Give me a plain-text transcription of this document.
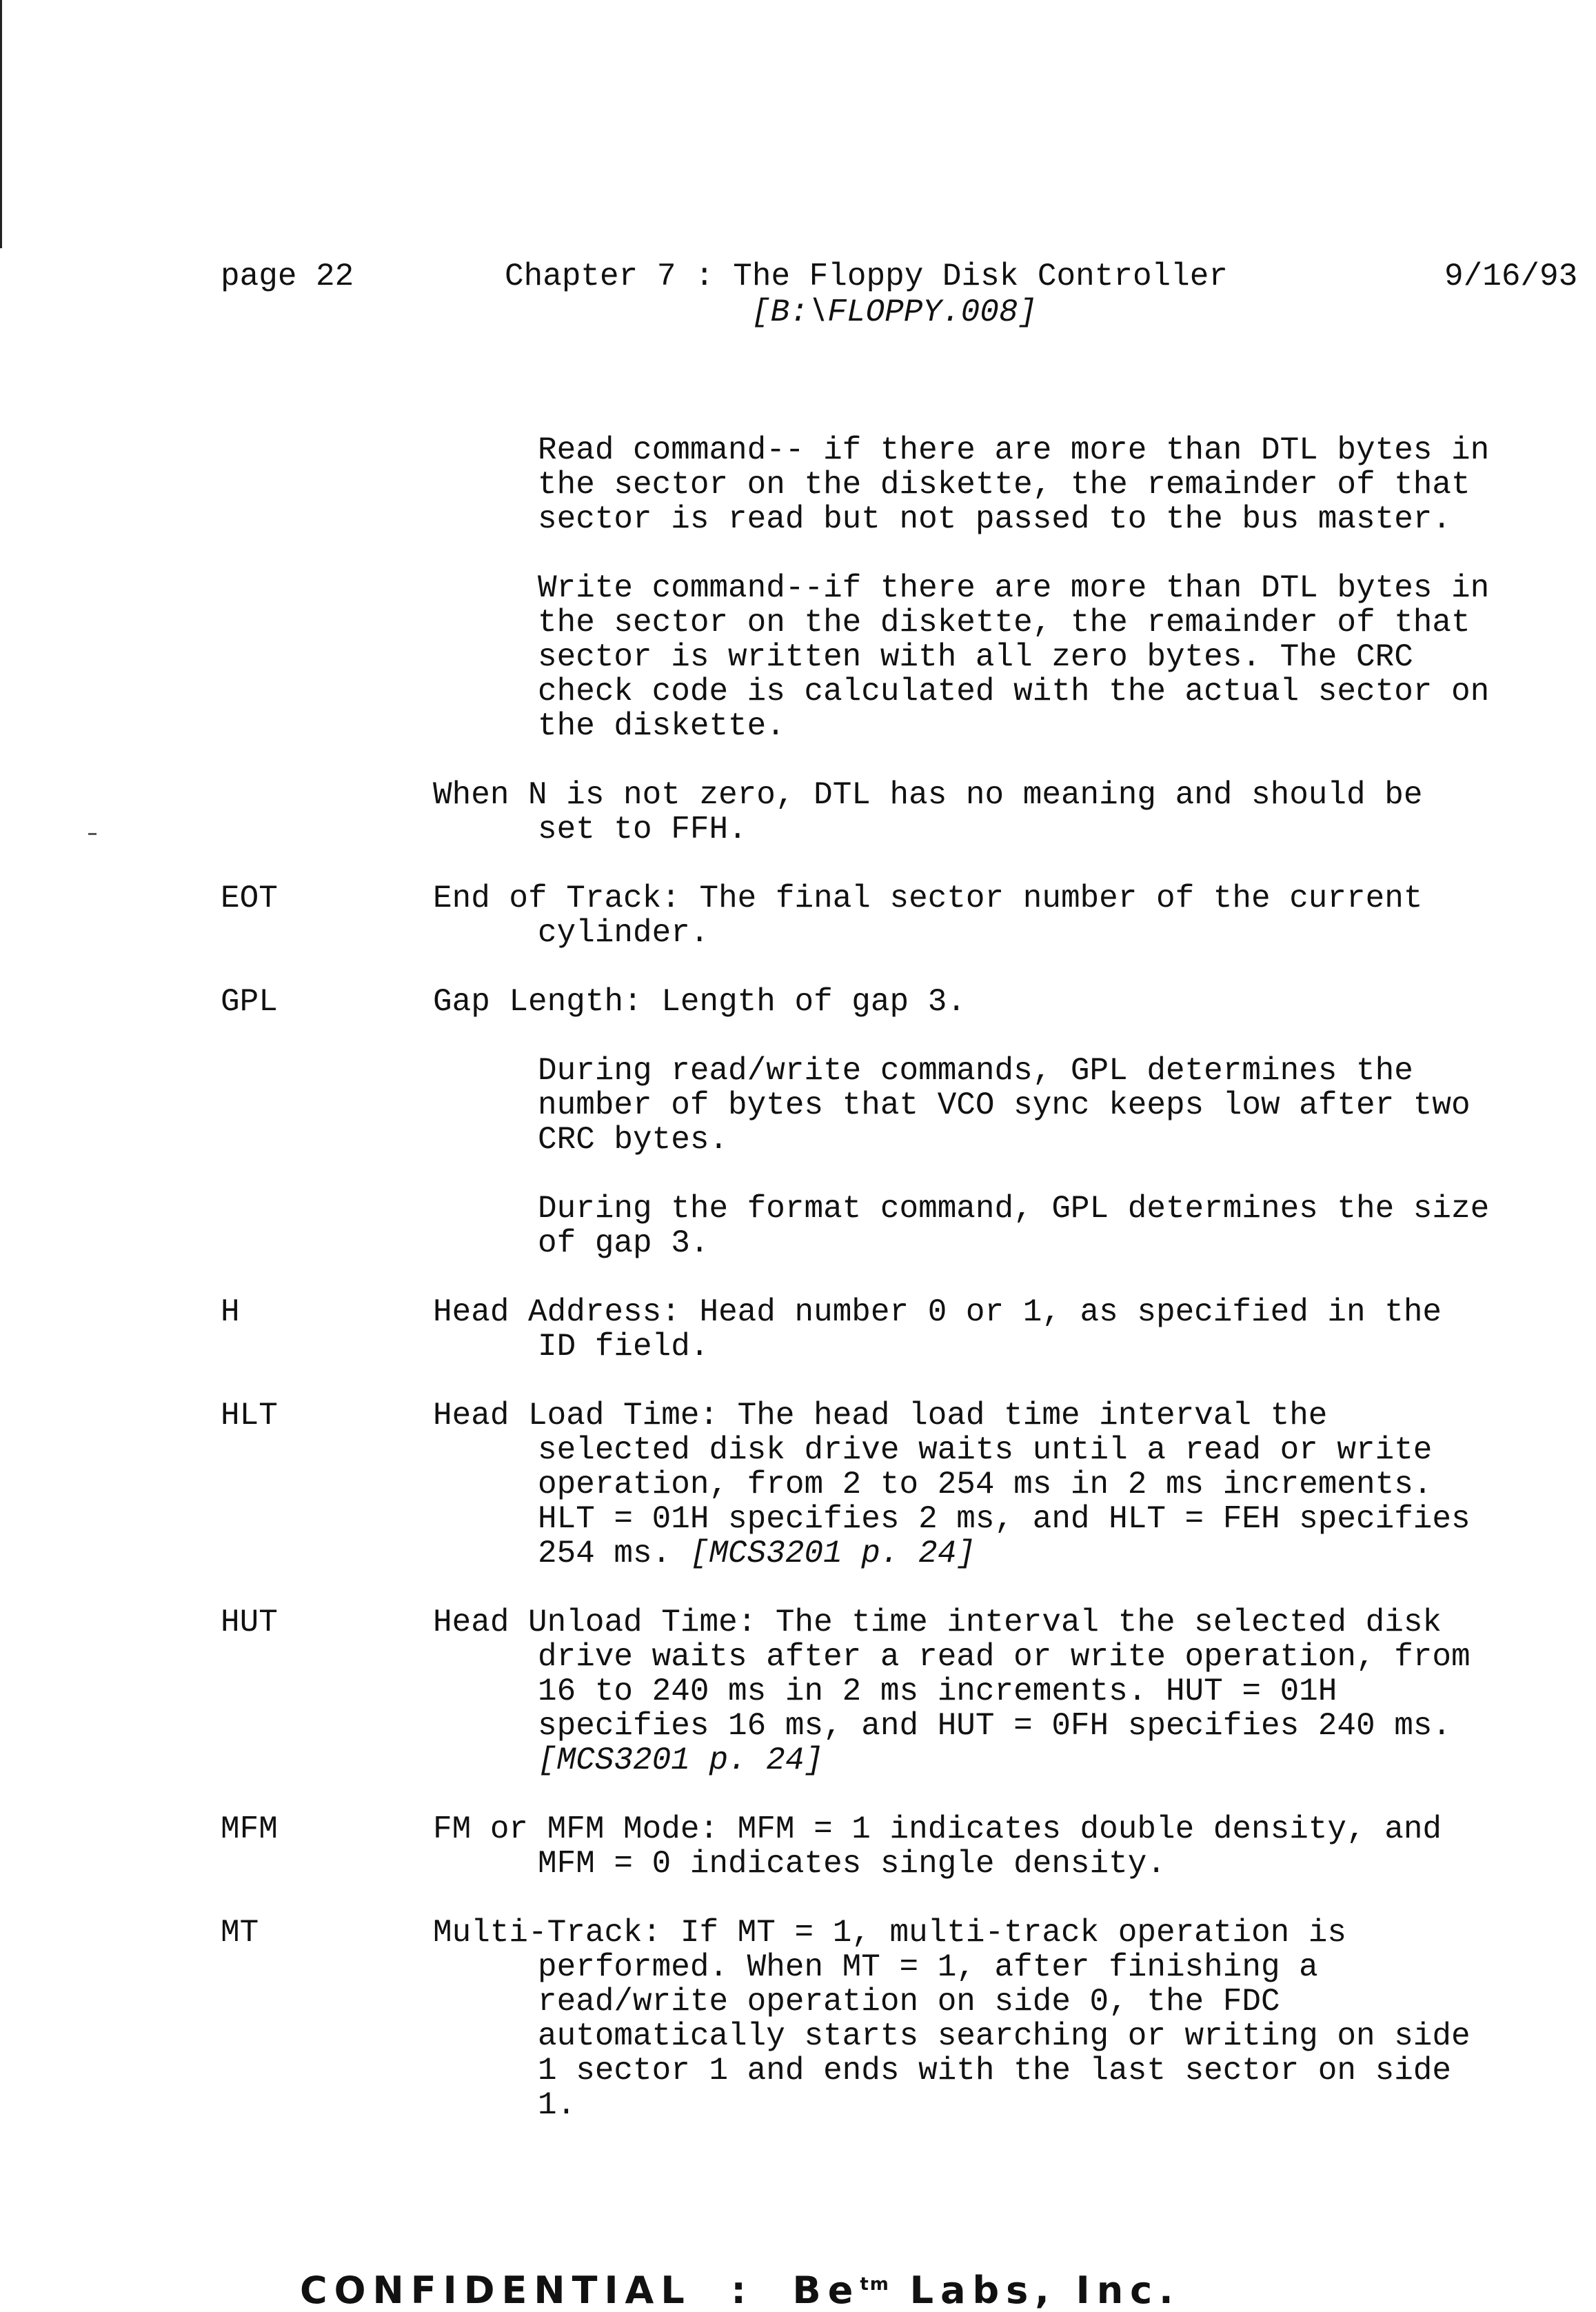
page 22

	Chapter 7 : The Floppy Disk Controller

	9/16/93

[B:\FLOPPY.008]

Read command-- if there are more than DTL bytes in
the sector on the diskette, the remainder of that
sector is read but not passed to the bus master.
Write command--if there are more than DTL bytes in
the sector on the diskette, the remainder of that
sector is written with all zero bytes. The CRC
check code is calculated with the actual sector on
the diskette.
When N is not zero, DTL has no meaning and should be
set to FFH.
EOT	End of Track: The final sector number of the current
cylinder.
GPL	Gap Length: Length of gap 3.
During read/write commands, GPL determines the
number of bytes that VCO sync keeps low after two
CRC bytes.
During the format command, GPL determines the size
of gap 3.
H	Head Address: Head number 0 or 1, as specified in the
ID field.
HLT	Head Load Time: The head load time interval the
selected disk drive waits until a read or write
operation, from 2 to 254 ms in 2 ms increments.
HLT = 01H specifies 2 ms, and HLT = FEH specifies
254 ms. [MCS3201 p. 24]
HUT	Head Unload Time: The time interval the selected disk
drive waits after a read or write operation, from
16 to 240 ms in 2 ms increments. HUT = 01H
specifies 16 ms, and HUT = 0FH specifies 240 ms.
[MCS3201 p. 24]
MFM	FM or MFM Mode: MFM = 1 indicates double density, and
MFM = 0 indicates single density.
MT	Multi-Track: If MT = 1, multi-track operation is
performed. When MT = 1, after finishing a
read/write operation on side 0, the FDC
automatically starts searching or writing on side
1 sector 1 and ends with the last sector on side
1.
CONFIDENTIAL  :  $Be^{tm}$ Labs, Inc.
